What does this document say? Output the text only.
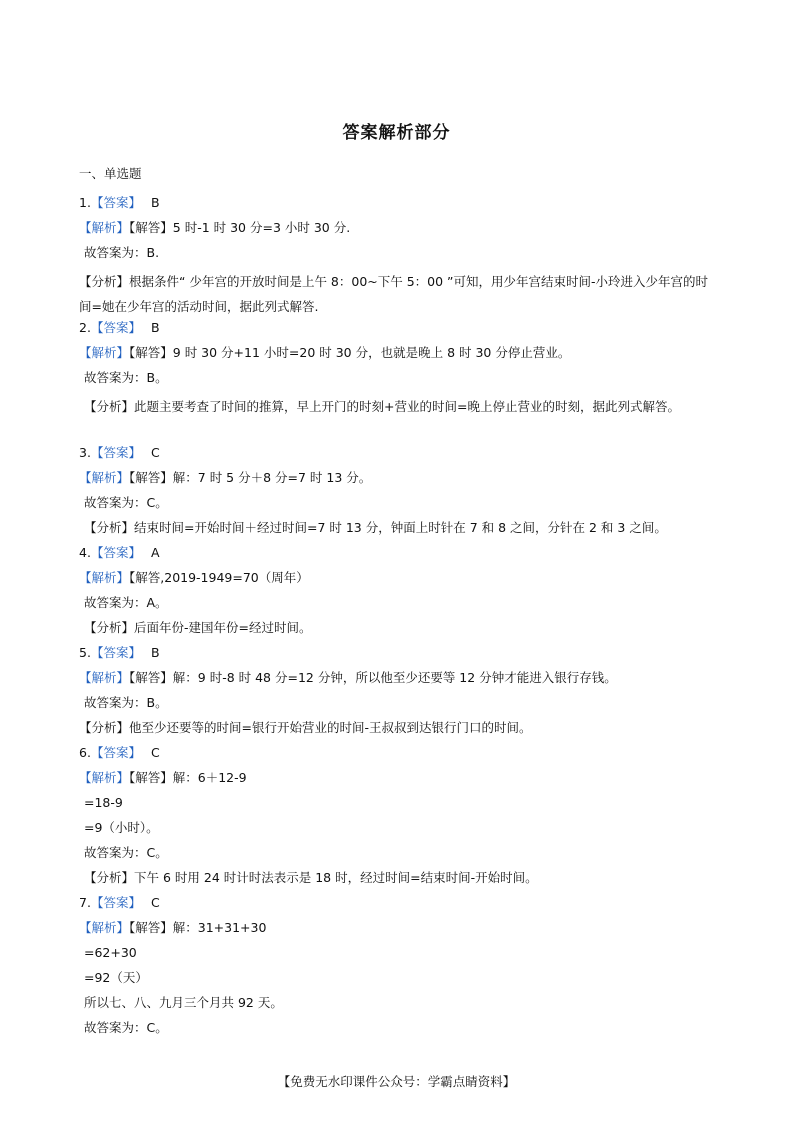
答案解析部分
一、单选题
1.【答案】 B
【解析】【解答】5 时-1 时 30 分=3 小时 30 分.
故答案为：B.
【分析】根据条件“ 少年宫的开放时间是上午 8：00~下午 5：00 ”可知，用少年宫结束时间-小玲进入少年宫的时间=她在少年宫的活动时间，据此列式解答.
2.【答案】 B
【解析】【解答】9 时 30 分+11 小时=20 时 30 分，也就是晚上 8 时 30 分停止营业。
故答案为：B。
【分析】此题主要考查了时间的推算，早上开门的时刻+营业的时间=晚上停止营业的时刻，据此列式解答。
3.【答案】 C
【解析】【解答】解：7 时 5 分＋8 分=7 时 13 分。
故答案为：C。
【分析】结束时间=开始时间＋经过时间=7 时 13 分，钟面上时针在 7 和 8 之间，分针在 2 和 3 之间。
4.【答案】 A
【解析】【解答,2019-1949=70（周年）
故答案为：A。
【分析】后面年份-建国年份=经过时间。
5.【答案】 B
【解析】【解答】解：9 时-8 时 48 分=12 分钟，所以他至少还要等 12 分钟才能进入银行存钱。
故答案为：B。
【分析】他至少还要等的时间=银行开始营业的时间-王叔叔到达银行门口的时间。
6.【答案】 C
【解析】【解答】解：6＋12-9
=18-9
=9（小时）。
故答案为：C。
【分析】下午 6 时用 24 时计时法表示是 18 时，经过时间=结束时间-开始时间。
7.【答案】 C
【解析】【解答】解：31+31+30
=62+30
=92（天）
所以七、八、九月三个月共 92 天。
故答案为：C。
【免费无水印课件公众号：学霸点睛资料】
